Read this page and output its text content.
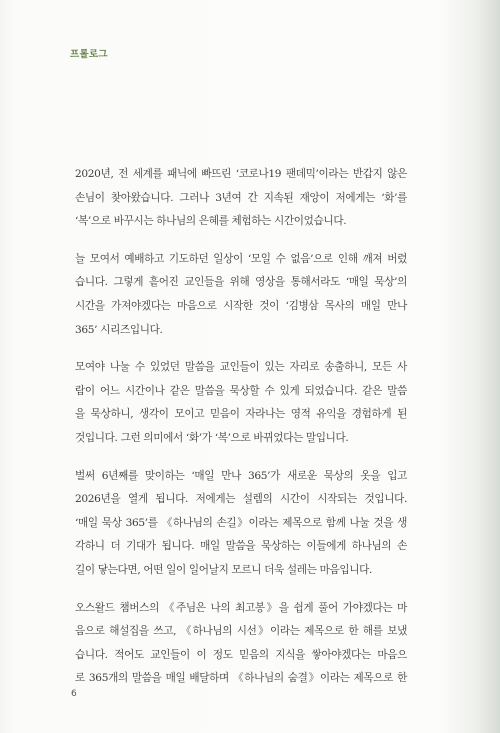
프롤로그

2020년, 전 세계를 패닉에 빠뜨린 ‘코로나19 팬데믹’이라는 반갑지 않은
손님이 찾아왔습니다. 그러나 3년여 간 지속된 재앙이 저에게는 ‘화’를
‘복’으로 바꾸시는 하나님의 은혜를 체험하는 시간이었습니다.

늘 모여서 예배하고 기도하던 일상이 ‘모일 수 없음’으로 인해 깨져 버렸
습니다. 그렇게 흩어진 교인들을 위해 영상을 통해서라도 ‘매일 묵상’의
시간을 가져야겠다는 마음으로 시작한 것이 ‘김병삼 목사의 매일 만나
365’ 시리즈입니다.

모여야 나눌 수 있었던 말씀을 교인들이 있는 자리로 송출하니, 모든 사
람이 어느 시간이나 같은 말씀을 묵상할 수 있게 되었습니다. 같은 말씀
을 묵상하니, 생각이 모이고 믿음이 자라나는 영적 유익을 경험하게 된
것입니다. 그런 의미에서 ‘화’가 ‘복’으로 바뀌었다는 말입니다.

벌써 6년째를 맞이하는 ‘매일 만나 365’가 새로운 묵상의 옷을 입고
2026년을 열게 됩니다. 저에게는 설렘의 시간이 시작되는 것입니다.
‘매일 묵상 365’를 《하나님의 손길》이라는 제목으로 함께 나눌 것을 생
각하니 더 기대가 됩니다. 매일 말씀을 묵상하는 이들에게 하나님의 손
길이 닿는다면, 어떤 일이 일어날지 모르니 더욱 설레는 마음입니다.

오스왈드 챔버스의 《주님은 나의 최고봉》을 쉽게 풀어 가야겠다는 마
음으로 해설집을 쓰고, 《하나님의 시선》이라는 제목으로 한 해를 보냈
습니다. 적어도 교인들이 이 정도 믿음의 지식을 쌓아야겠다는 마음으
로 365개의 말씀을 매일 배달하며 《하나님의 숨결》이라는 제목으로 한

6
